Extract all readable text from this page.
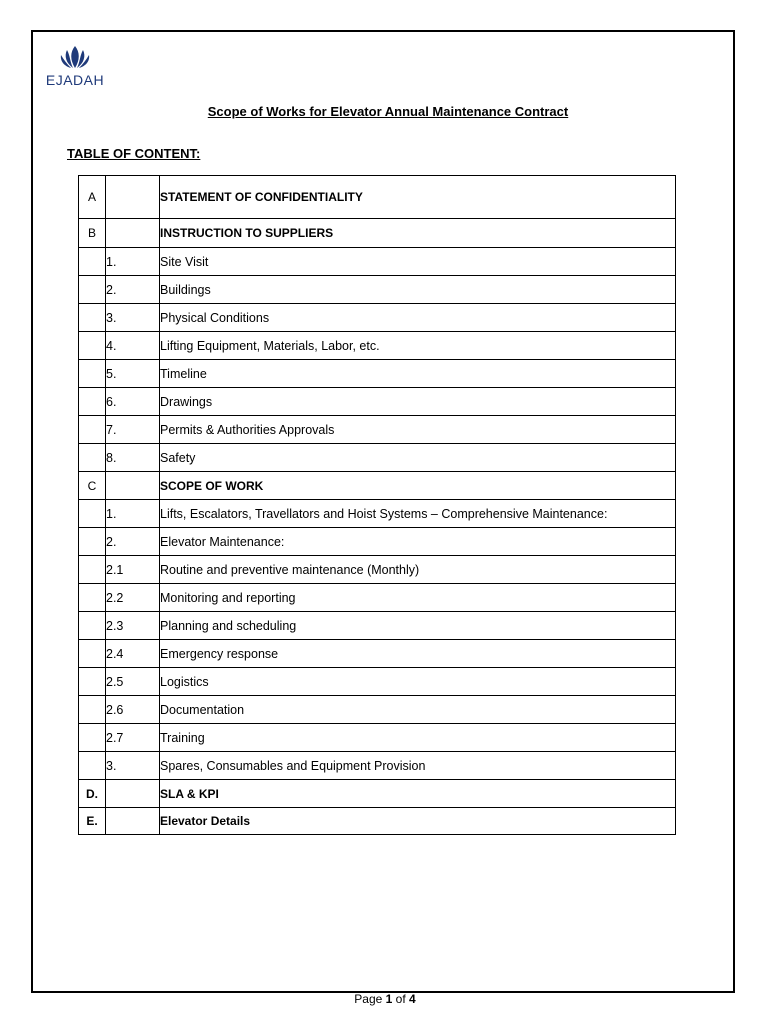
EJADAH
Scope of Works for Elevator Annual Maintenance Contract
TABLE OF CONTENT:
A		STATEMENT OF CONFIDENTIALITY
B		INSTRUCTION TO SUPPLIERS
	1.	Site Visit
	2.	Buildings
	3.	Physical Conditions
	4.	Lifting Equipment, Materials, Labor, etc.
	5.	Timeline
	6.	Drawings
	7.	Permits & Authorities Approvals
	8.	Safety
C		SCOPE OF WORK
	1.	Lifts, Escalators, Travellators and Hoist Systems – Comprehensive Maintenance:
	2.	Elevator Maintenance:
	2.1	Routine and preventive maintenance (Monthly)
	2.2	Monitoring and reporting
	2.3	Planning and scheduling
	2.4	Emergency response
	2.5	Logistics
	2.6	Documentation
	2.7	Training
	3.	Spares, Consumables and Equipment Provision
D.		SLA & KPI
E.		Elevator Details
Page 1 of 4
